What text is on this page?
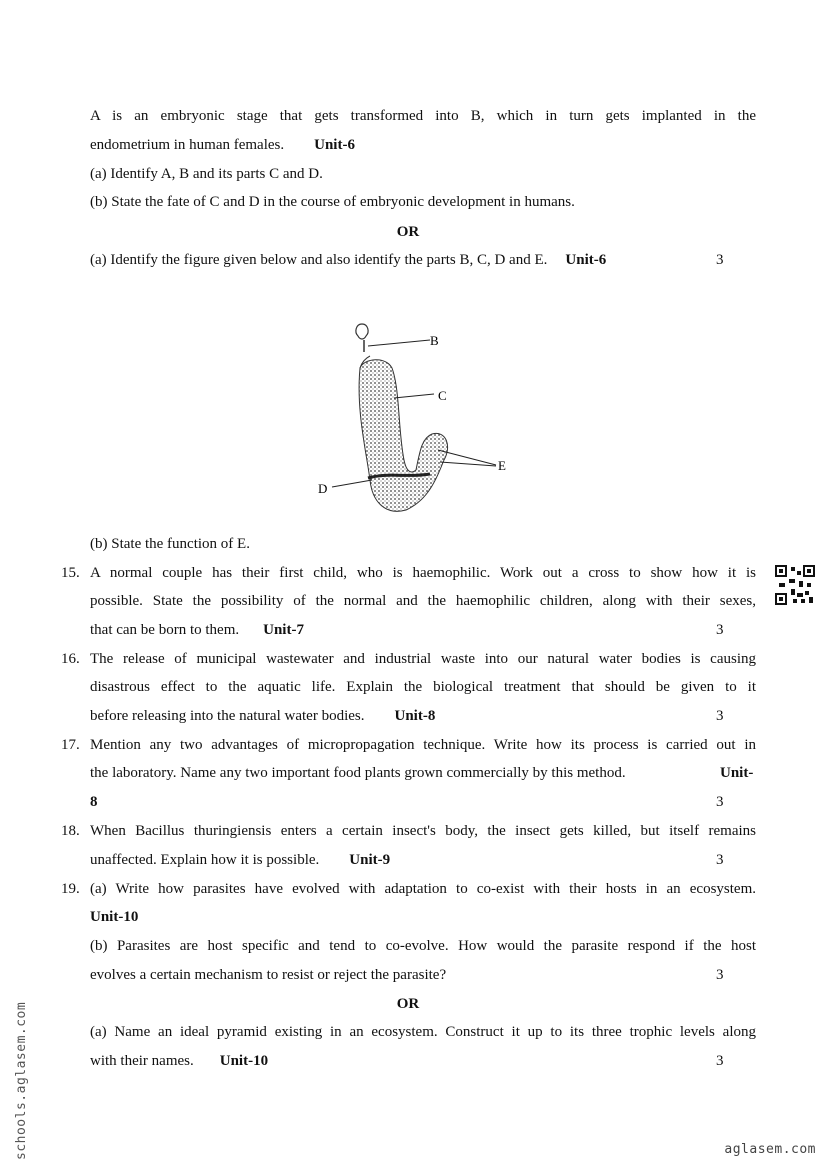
A is an embryonic stage that gets transformed into B, which in turn gets implanted in the
endometrium in human females. Unit-6
(a) Identify A, B and its parts C and D.
(b) State the fate of C and D in the course of embryonic development in humans.
OR
(a) Identify the figure given below and also identify the parts B, C, D and E. Unit-6	3
B
C
E
D
(b) State the function of E.
15. A normal couple has their first child, who is haemophilic. Work out a cross to show how it is
possible. State the possibility of the normal and the haemophilic children, along with their sexes,
that can be born to them. Unit-7	3
16. The release of municipal wastewater and industrial waste into our natural water bodies is causing
disastrous effect to the aquatic life. Explain the biological treatment that should be given to it
before releasing into the natural water bodies. Unit-8	3
17. Mention any two advantages of micropropagation technique. Write how its process is carried out in
the laboratory. Name any two important food plants grown commercially by this method.	Unit-
8	3
18. When Bacillus thuringiensis enters a certain insect's body, the insect gets killed, but itself remains
unaffected. Explain how it is possible. Unit-9	3
19. (a) Write how parasites have evolved with adaptation to co-exist with their hosts in an ecosystem.
Unit-10
(b) Parasites are host specific and tend to co-evolve. How would the parasite respond if the host
evolves a certain mechanism to resist or reject the parasite?	3
OR
(a) Name an ideal pyramid existing in an ecosystem. Construct it up to its three trophic levels along
with their names. Unit-10	3
schools.aglasem.com	aglasem.com
